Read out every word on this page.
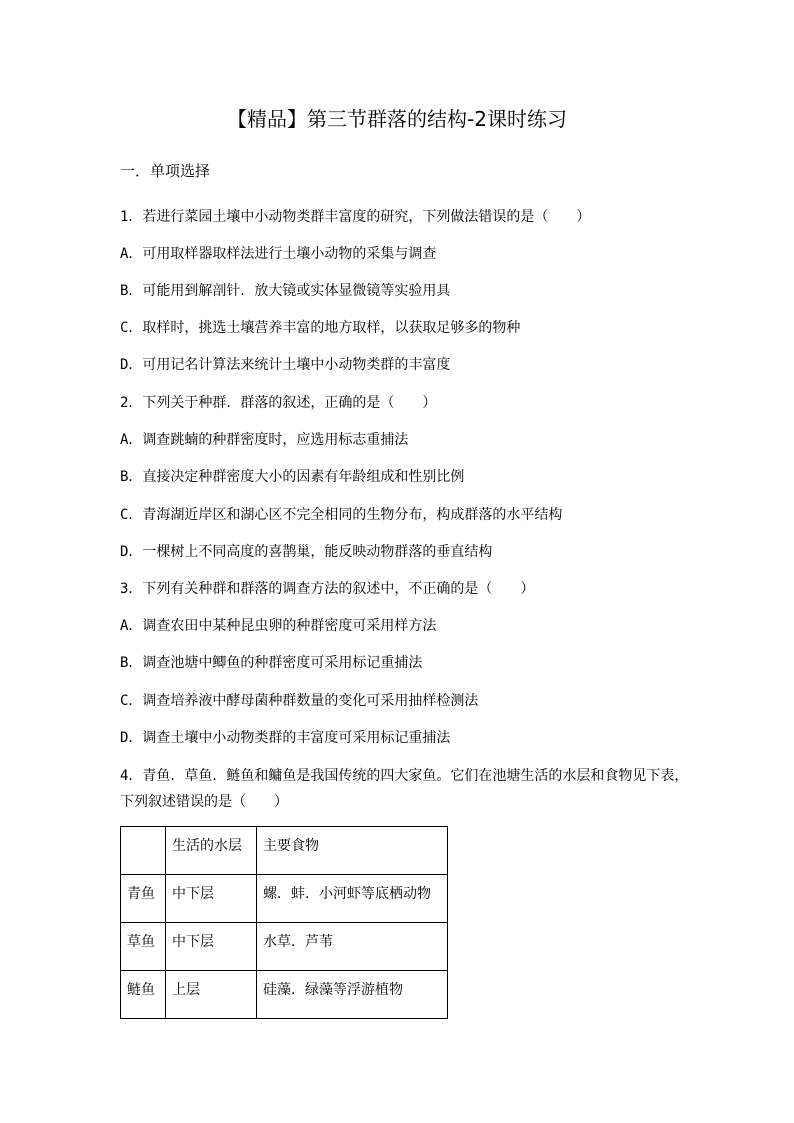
【精品】第三节群落的结构-2课时练习
一．单项选择
1．若进行菜园土壤中小动物类群丰富度的研究，下列做法错误的是（　　）
A．可用取样器取样法进行土壤小动物的采集与调查
B．可能用到解剖针．放大镜或实体显微镜等实验用具
C．取样时，挑选土壤营养丰富的地方取样，以获取足够多的物种
D．可用记名计算法来统计土壤中小动物类群的丰富度
2．下列关于种群．群落的叙述，正确的是（　　）
A．调查跳蝻的种群密度时，应选用标志重捕法
B．直接决定种群密度大小的因素有年龄组成和性别比例
C．青海湖近岸区和湖心区不完全相同的生物分布，构成群落的水平结构
D．一棵树上不同高度的喜鹊巢，能反映动物群落的垂直结构
3．下列有关种群和群落的调查方法的叙述中，不正确的是（　　）
A．调查农田中某种昆虫卵的种群密度可采用样方法
B．调查池塘中鲫鱼的种群密度可采用标记重捕法
C．调查培养液中酵母菌种群数量的变化可采用抽样检测法
D．调查土壤中小动物类群的丰富度可采用标记重捕法
4．青鱼．草鱼．鲢鱼和鳙鱼是我国传统的四大家鱼。它们在池塘生活的水层和食物见下表，下列叙述错误的是（　　）
	生活的水层	主要食物
青鱼	中下层	螺．蚌．小河虾等底栖动物
草鱼	中下层	水草．芦苇
鲢鱼	上层	硅藻．绿藻等浮游植物
